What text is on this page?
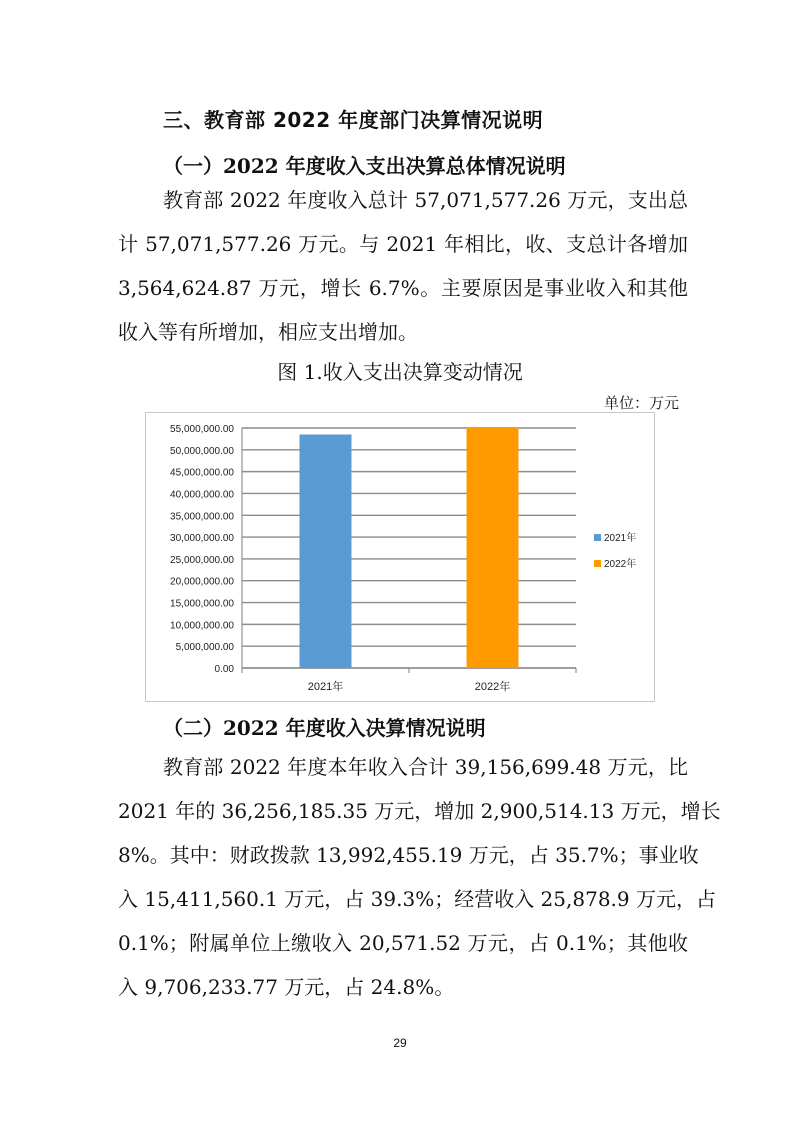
三、教育部 2022 年度部门决算情况说明
（一）2022 年度收入支出决算总体情况说明

教育部 2022 年度收入总计 57,071,577.26 万元，支出总

计 57,071,577.26 万元。与 2021 年相比，收、支总计各增加

3,564,624.87 万元，增长 6.7%。主要原因是事业收入和其他

收入等有所增加，相应支出增加。

图 1.收入支出决算变动情况
单位：万元
0.00
5,000,000.00
10,000,000.00
15,000,000.00
20,000,000.00
25,000,000.00
30,000,000.00
35,000,000.00
40,000,000.00
45,000,000.00
50,000,000.00
55,000,000.00
2021年	2022年
2021年
2022年
（二）2022 年度收入决算情况说明

教育部 2022 年度本年收入合计 39,156,699.48 万元，比

2021 年的 36,256,185.35 万元，增加 2,900,514.13 万元，增长

8%。其中：财政拨款 13,992,455.19 万元，占 35.7%；事业收

入 15,411,560.1 万元，占 39.3%；经营收入 25,878.9 万元，占

0.1%；附属单位上缴收入 20,571.52 万元，占 0.1%；其他收

入 9,706,233.77 万元，占 24.8%。

29
